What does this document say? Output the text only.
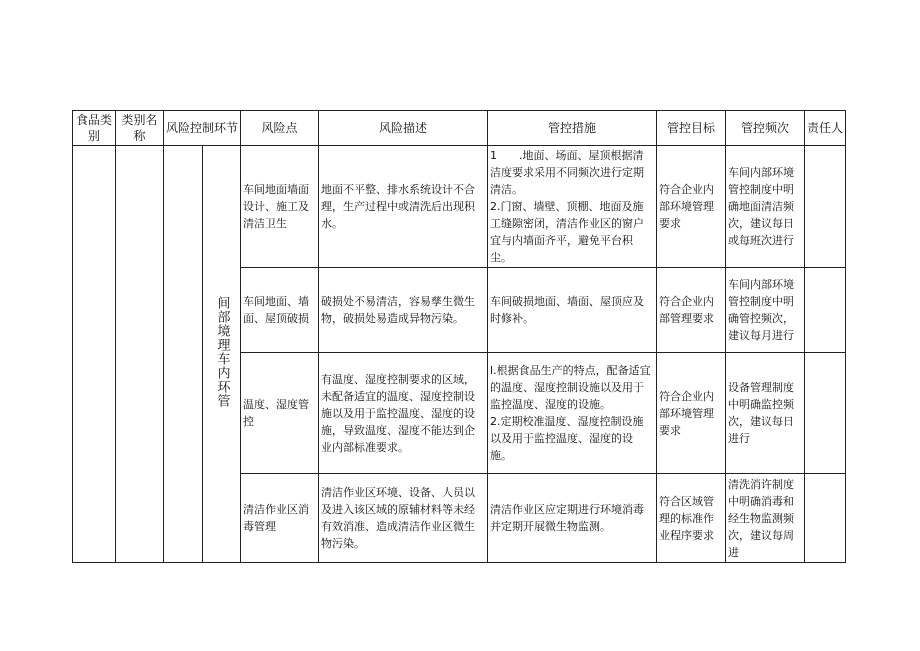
食品类别	类别名称	风险控制环节		风险点	风险描述	管控措施	管控目标	管控频次	责任人
			间部境理车内环管	车间地面墙面设计、施工及清洁卫生	地面不平整、排水系统设计不合理，生产过程中或清洗后出现积水。	1　　.地面、场面、屋顶根据清洁度要求采用不同频次进行定期清洁。
2.门窗、墙壁、顶棚、地面及施工缝隙密闭，清洁作业区的窗户宜与内墙面齐平，避免平台积尘。	符合企业内部环境管理要求	车间内部环境管控制度中明确地面清洁频次，建议每日或每班次进行	
				车间地面、墙面、屋顶破损	破损处不易清洁，容易孳生微生物，破损处易造成异物污染。	车间破损地面、墙面、屋顶应及时修补。	符合企业内部管理要求	车间内部环境管控制度中明确管控频次，建议每月进行	
				温度、湿度管控	有温度、湿度控制要求的区域，未配备适宜的温度、湿度控制设施以及用于监控温度、湿度的设施，导致温度、湿度不能达到企业内部标准要求。	l.根据食品生产的特点，配备适宜的温度、湿度控制设施以及用于监控温度、湿度的设施。
2.定期校准温度、湿度控制设施以及用于监控温度、湿度的设施。	符合企业内部环境管理要求	设备管理制度中明确监控频次，建议每日进行	
				清洁作业区消毒管理	清洁作业区环境、设备、人员以及进入该区域的原辅材料等未经有效消准、造成清洁作业区微生物污染。	清洁作业区应定期进行环境消毒并定期开展微生物监测。	符合区域管理的标准作业程序要求	清洗消许制度中明确消毒和经生物监测频次，建议每周进	
